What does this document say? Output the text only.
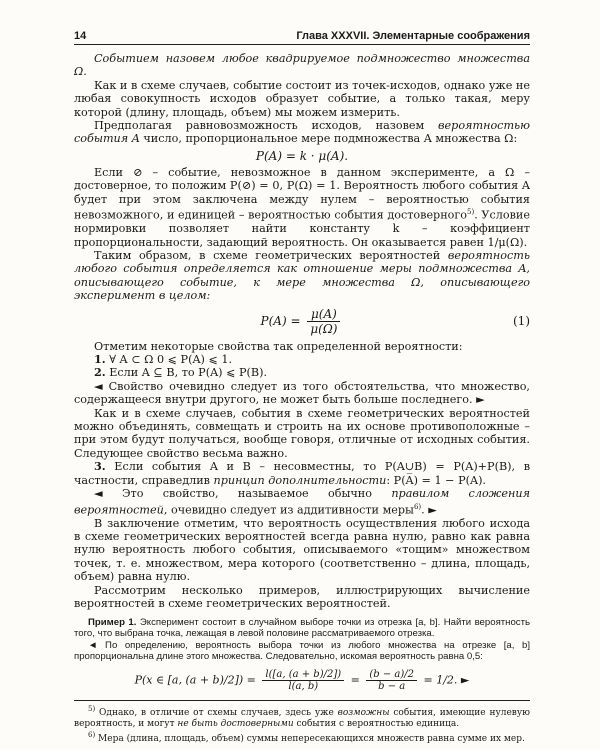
14	Глава XXXVII. Элементарные соображения

Событием назовем любое квадрируемое подмножество множества Ω.

Как и в схеме случаев, событие состоит из точек-исходов, однако уже не любая совокупность исходов образует событие, а только такая, меру которой (длину, площадь, объем) мы можем измерить.

Предполагая равновозможность исходов, назовем вероятностью события A число, пропорциональное мере подмножества A множества Ω:

P(A) = k · μ(A).

Если ⊘ – событие, невозможное в данном эксперименте, а Ω – достоверное, то положим P(⊘) = 0, P(Ω) = 1. Вероятность любого события A будет при этом заключена между нулем – вероятностью события невозможного, и единицей – вероятностью события достоверного$^{5)}$. Условие нормировки позволяет найти константу k – коэффициент пропорциональности, задающий вероятность. Он оказывается равен 1/μ(Ω).

Таким образом, в схеме геометрических вероятностей вероятность любого события определяется как отношение меры подмножества A, описывающего событие, к мере множества Ω, описывающего эксперимент в целом:

$P(A) = \frac{\mu(A)}{\mu(\Omega)}$	(1)

Отметим некоторые свойства так определенной вероятности:

1. ∀ A ⊂ Ω 0 ⩽ P(A) ⩽ 1.

2. Если A ⊆ B, то P(A) ⩽ P(B).

◄ Свойство очевидно следует из того обстоятельства, что множество, содержащееся внутри другого, не может быть больше последнего. ►

Как и в схеме случаев, события в схеме геометрических вероятностей можно объединять, совмещать и строить на их основе противоположные – при этом будут получаться, вообще говоря, отличные от исходных события. Следующее свойство весьма важно.

3. Если события A и B – несовместны, то P(A∪B) = P(A)+P(B), в частности, справедлив принцип дополнительности: P(A̅) = 1 − P(A).

◄ Это свойство, называемое обычно правилом сложения вероятностей, очевидно следует из аддитивности меры$^{6)}$. ►

В заключение отметим, что вероятность осуществления любого исхода в схеме геометрических вероятностей всегда равна нулю, равно как равна нулю вероятность любого события, описываемого «тощим» множеством точек, т. е. множеством, мера которого (соответственно – длина, площадь, объем) равна нулю.

Рассмотрим несколько примеров, иллюстрирующих вычисление вероятностей в схеме геометрических вероятностей.

Пример 1. Эксперимент состоит в случайном выборе точки из отрезка [a, b]. Найти вероятность того, что выбрана точка, лежащая в левой половине рассматриваемого отрезка.

◄ По определению, вероятность выбора точки из любого множества на отрезке [a, b] пропорциональна длине этого множества. Следовательно, искомая вероятность равна 0,5:

P(x ∈ [a, $(a + b)/2]) = \frac{l([a, (a + b)/2])}{l(a, b)} = \frac{(b - a)/2}{b - a} = 1/2$. ►

$^{5)}$ Однако, в отличие от схемы случаев, здесь уже возможны события, имеющие нулевую вероятность, и могут не быть достоверными события с вероятностью единица.

$^{6)}$ Мера (длина, площадь, объем) суммы непересекающихся множеств равна сумме их мер.
